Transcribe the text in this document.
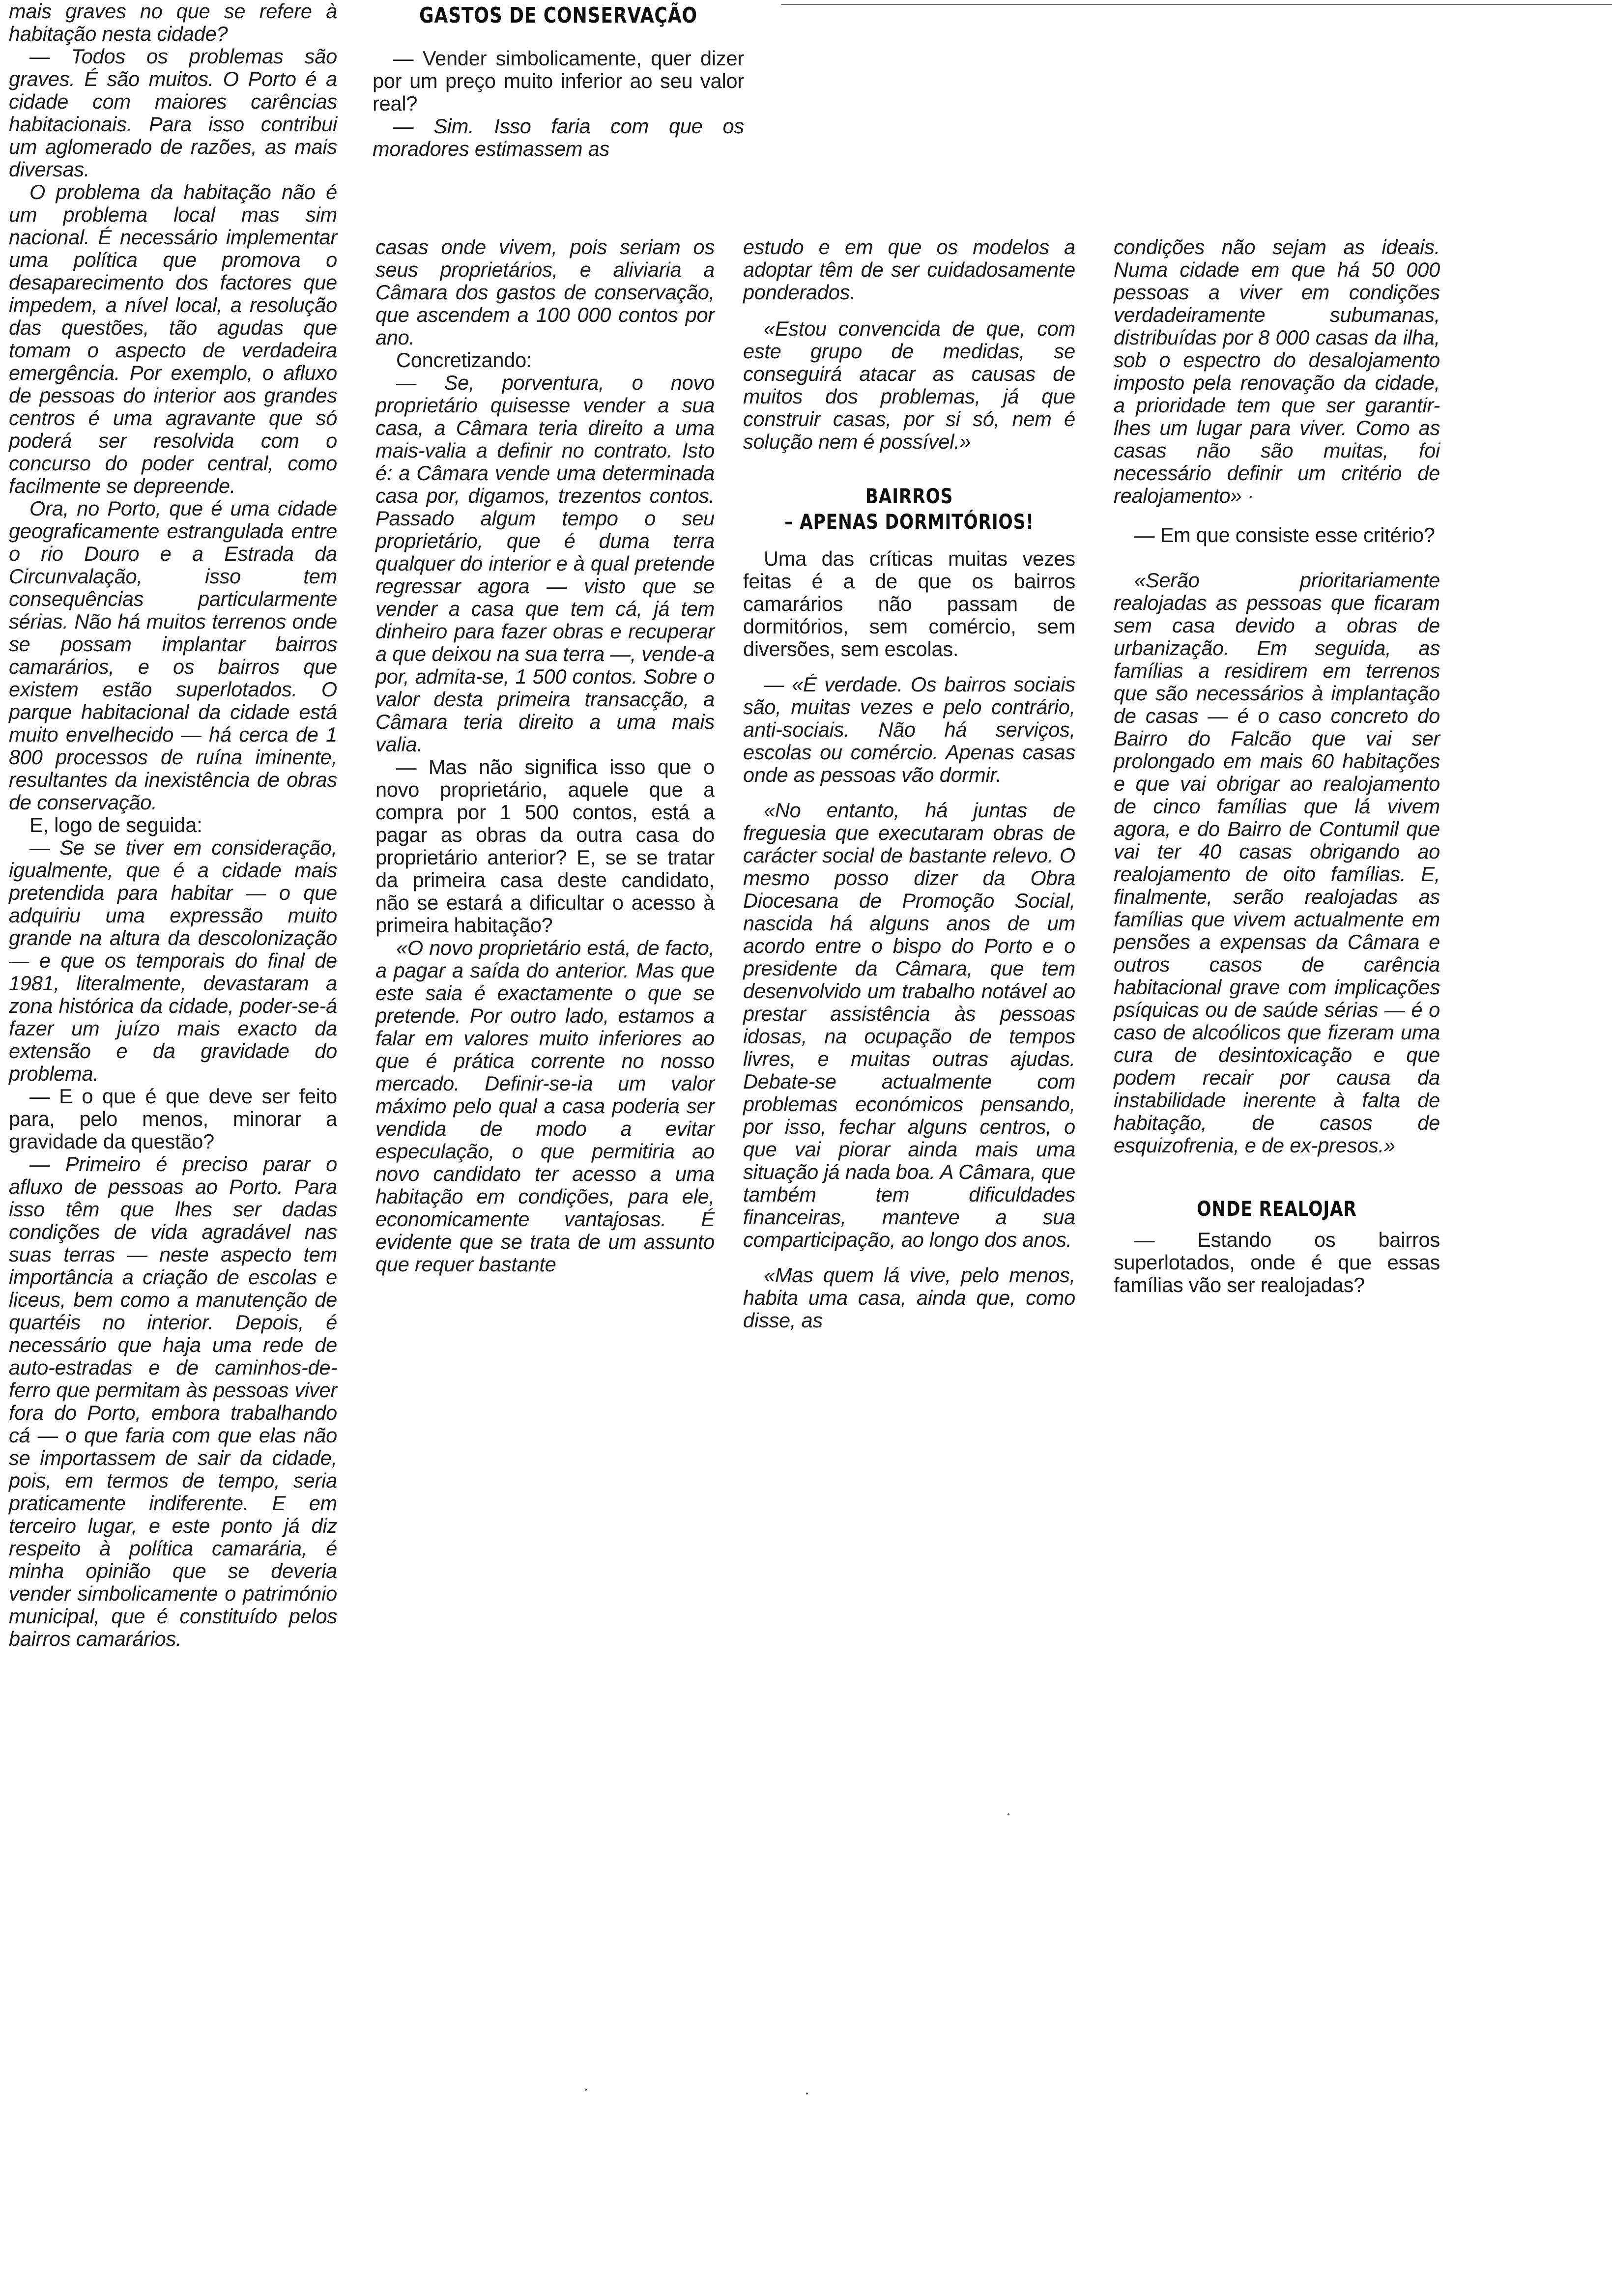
mais graves no que se refere à habitação nesta cidade?

— Todos os problemas são graves. É são muitos. O Porto é a cidade com maiores carências habitacionais. Para isso contribui um aglomerado de razões, as mais diversas.

O problema da habitação não é um problema local mas sim nacional. É necessário implementar uma política que promova o desaparecimento dos factores que impedem, a nível local, a resolução das questões, tão agudas que tomam o aspecto de verdadeira emergência. Por exemplo, o afluxo de pessoas do interior aos grandes centros é uma agravante que só poderá ser resolvida com o concurso do poder central, como facilmente se depreende.

Ora, no Porto, que é uma cidade geograficamente estrangulada entre o rio Douro e a Estrada da Circunvalação, isso tem consequências particularmente sérias. Não há muitos terrenos onde se possam implantar bairros camarários, e os bairros que existem estão superlotados. O parque habitacional da cidade está muito envelhecido — há cerca de 1 800 processos de ruína iminente, resultantes da inexistência de obras de conservação.

E, logo de seguida:

— Se se tiver em consideração, igualmente, que é a cidade mais pretendida para habitar — o que adquiriu uma expressão muito grande na altura da descolonização — e que os temporais do final de 1981, literalmente, devastaram a zona histórica da cidade, poder-se-á fazer um juízo mais exacto da extensão e da gravidade do problema.

— E o que é que deve ser feito para, pelo menos, minorar a gravidade da questão?

— Primeiro é preciso parar o afluxo de pessoas ao Porto. Para isso têm que lhes ser dadas condições de vida agradável nas suas terras — neste aspecto tem importância a criação de escolas e liceus, bem como a manutenção de quartéis no interior. Depois, é necessário que haja uma rede de auto-estradas e de caminhos-de-ferro que permitam às pessoas viver fora do Porto, embora trabalhando cá — o que faria com que elas não se importassem de sair da cidade, pois, em termos de tempo, seria praticamente indiferente. E em terceiro lugar, e este ponto já diz respeito à política camarária, é minha opinião que se deveria vender simbolicamente o património municipal, que é constituído pelos bairros camarários.

GASTOS DE CONSERVAÇÃO

— Vender simbolicamente, quer dizer por um preço muito inferior ao seu valor real?

— Sim. Isso faria com que os moradores estimassem as

casas onde vivem, pois seriam os seus proprietários, e aliviaria a Câmara dos gastos de conservação, que ascendem a 100 000 contos por ano.

Concretizando:

— Se, porventura, o novo proprietário quisesse vender a sua casa, a Câmara teria direito a uma mais-valia a definir no contrato. Isto é: a Câmara vende uma determinada casa por, digamos, trezentos contos. Passado algum tempo o seu proprietário, que é duma terra qualquer do interior e à qual pretende regressar agora — visto que se vender a casa que tem cá, já tem dinheiro para fazer obras e recuperar a que deixou na sua terra —, vende-a por, admita-se, 1 500 contos. Sobre o valor desta primeira transacção, a Câmara teria direito a uma mais valia.

— Mas não significa isso que o novo proprietário, aquele que a compra por 1 500 contos, está a pagar as obras da outra casa do proprietário anterior? E, se se tratar da primeira casa deste candidato, não se estará a dificultar o acesso à primeira habitação?

«O novo proprietário está, de facto, a pagar a saída do anterior. Mas que este saia é exactamente o que se pretende. Por outro lado, estamos a falar em valores muito inferiores ao que é prática corrente no nosso mercado. Definir-se-ia um valor máximo pelo qual a casa poderia ser vendida de modo a evitar especulação, o que permitiria ao novo candidato ter acesso a uma habitação em condições, para ele, economicamente vantajosas. É evidente que se trata de um assunto que requer bastante

estudo e em que os modelos a adoptar têm de ser cuidadosamente ponderados.

«Estou convencida de que, com este grupo de medidas, se conseguirá atacar as causas de muitos dos problemas, já que construir casas, por si só, nem é solução nem é possível.»

BAIRROS
– APENAS DORMITÓRIOS!

Uma das críticas muitas vezes feitas é a de que os bairros camarários não passam de dormitórios, sem comércio, sem diversões, sem escolas.

— «É verdade. Os bairros sociais são, muitas vezes e pelo contrário, anti-sociais. Não há serviços, escolas ou comércio. Apenas casas onde as pessoas vão dormir.

«No entanto, há juntas de freguesia que executaram obras de carácter social de bastante relevo. O mesmo posso dizer da Obra Diocesana de Promoção Social, nascida há alguns anos de um acordo entre o bispo do Porto e o presidente da Câmara, que tem desenvolvido um trabalho notável ao prestar assistência às pessoas idosas, na ocupação de tempos livres, e muitas outras ajudas. Debate-se actualmente com problemas económicos pensando, por isso, fechar alguns centros, o que vai piorar ainda mais uma situação já nada boa. A Câmara, que também tem dificuldades financeiras, manteve a sua comparticipação, ao longo dos anos.

«Mas quem lá vive, pelo menos, habita uma casa, ainda que, como disse, as

condições não sejam as ideais. Numa cidade em que há 50 000 pessoas a viver em condições verdadeiramente subumanas, distribuídas por 8 000 casas da ilha, sob o espectro do desalojamento imposto pela renovação da cidade, a prioridade tem que ser garantir-lhes um lugar para viver. Como as casas não são muitas, foi necessário definir um critério de realojamento» ·

— Em que consiste esse critério?

«Serão prioritariamente realojadas as pessoas que ficaram sem casa devido a obras de urbanização. Em seguida, as famílias a residirem em terrenos que são necessários à implantação de casas — é o caso concreto do Bairro do Falcão que vai ser prolongado em mais 60 habitações e que vai obrigar ao realojamento de cinco famílias que lá vivem agora, e do Bairro de Contumil que vai ter 40 casas obrigando ao realojamento de oito famílias. E, finalmente, serão realojadas as famílias que vivem actualmente em pensões a expensas da Câmara e outros casos de carência habitacional grave com implicações psíquicas ou de saúde sérias — é o caso de alcoólicos que fizeram uma cura de desintoxicação e que podem recair por causa da instabilidade inerente à falta de habitação, de casos de esquizofrenia, e de ex-presos.»

ONDE REALOJAR

— Estando os bairros superlotados, onde é que essas famílias vão ser realojadas?
